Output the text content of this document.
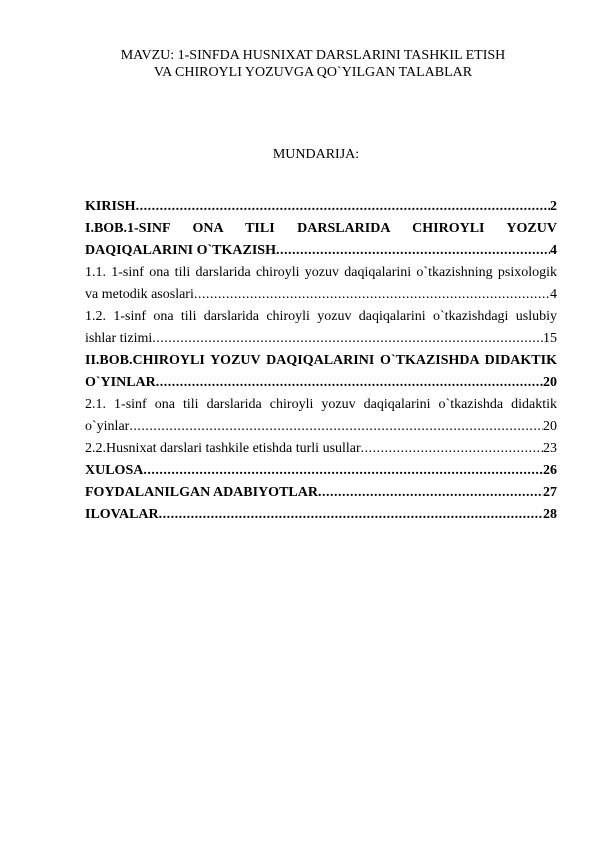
MAVZU: 1-SINFDA HUSNIXAT DARSLARINI TASHKIL ETISH
VA CHIROYLI YOZUVGA QO`YILGAN TALABLAR
MUNDARIJA:
KIRISH .....	2
I.BOB.1-SINF ONA TILI DARSLARIDA CHIROYLI YOZUV
DAQIQALARINI O`TKAZISH .....	4
1.1. 1-sinf ona tili darslarida chiroyli yozuv daqiqalarini o`tkazishning psixologik
va metodik asoslari .....	4
1.2. 1-sinf ona tili darslarida chiroyli yozuv daqiqalarini o`tkazishdagi uslubiy
ishlar tizimi .....	15
II.BOB.CHIROYLI YOZUV DAQIQALARINI O`TKAZISHDA DIDAKTIK
O`YINLAR .....	20
2.1. 1-sinf ona tili darslarida chiroyli yozuv daqiqalarini o`tkazishda didaktik
o`yinlar .....	20
2.2.Husnixat darslari tashkile etishda turli usullar .....	23
XULOSA .....	26
FOYDALANILGAN ADABIYOTLAR .....	27
ILOVALAR .....	28
